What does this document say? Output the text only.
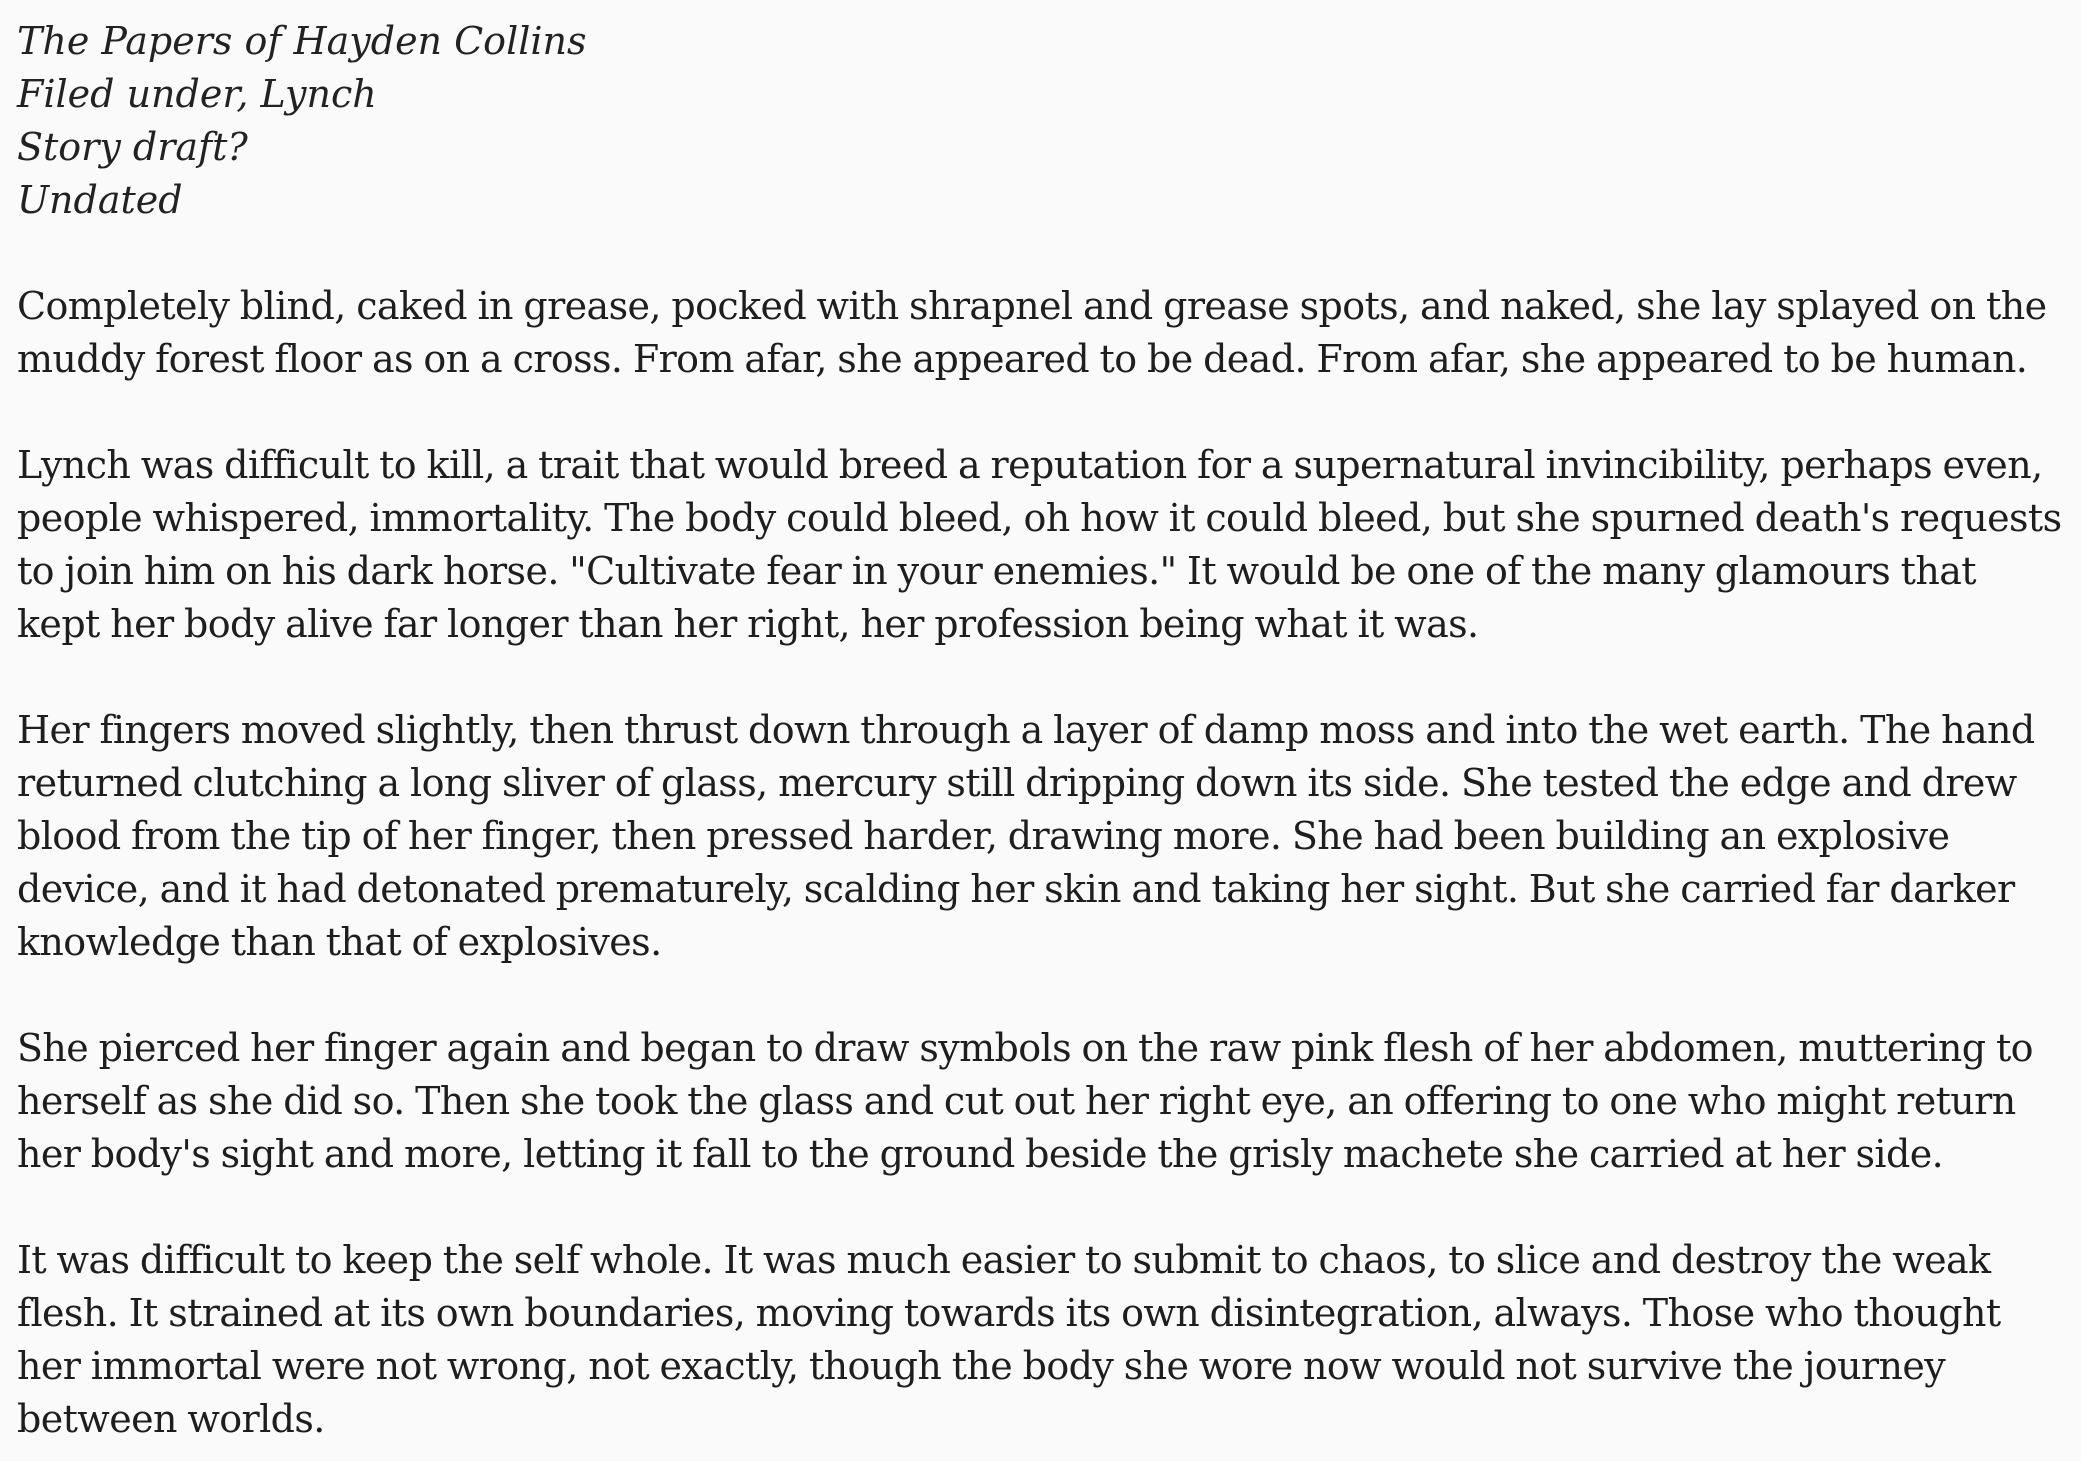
The Papers of Hayden Collins

Filed under, Lynch

Story draft?

Undated

Completely blind, caked in grease, pocked with shrapnel and grease spots, and naked, she lay splayed on the muddy forest floor as on a cross. From afar, she appeared to be dead. From afar, she appeared to be human.

Lynch was difficult to kill, a trait that would breed a reputation for a supernatural invincibility, perhaps even, people whispered, immortality. The body could bleed, oh how it could bleed, but she spurned death's requests to join him on his dark horse. "Cultivate fear in your enemies." It would be one of the many glamours that kept her body alive far longer than her right, her profession being what it was.

Her fingers moved slightly, then thrust down through a layer of damp moss and into the wet earth. The hand returned clutching a long sliver of glass, mercury still dripping down its side. She tested the edge and drew blood from the tip of her finger, then pressed harder, drawing more. She had been building an explosive device, and it had detonated prematurely, scalding her skin and taking her sight. But she carried far darker knowledge than that of explosives.

She pierced her finger again and began to draw symbols on the raw pink flesh of her abdomen, muttering to herself as she did so. Then she took the glass and cut out her right eye, an offering to one who might return her body's sight and more, letting it fall to the ground beside the grisly machete she carried at her side.

It was difficult to keep the self whole. It was much easier to submit to chaos, to slice and destroy the weak flesh. It strained at its own boundaries, moving towards its own disintegration, always. Those who thought her immortal were not wrong, not exactly, though the body she wore now would not survive the journey between worlds.
